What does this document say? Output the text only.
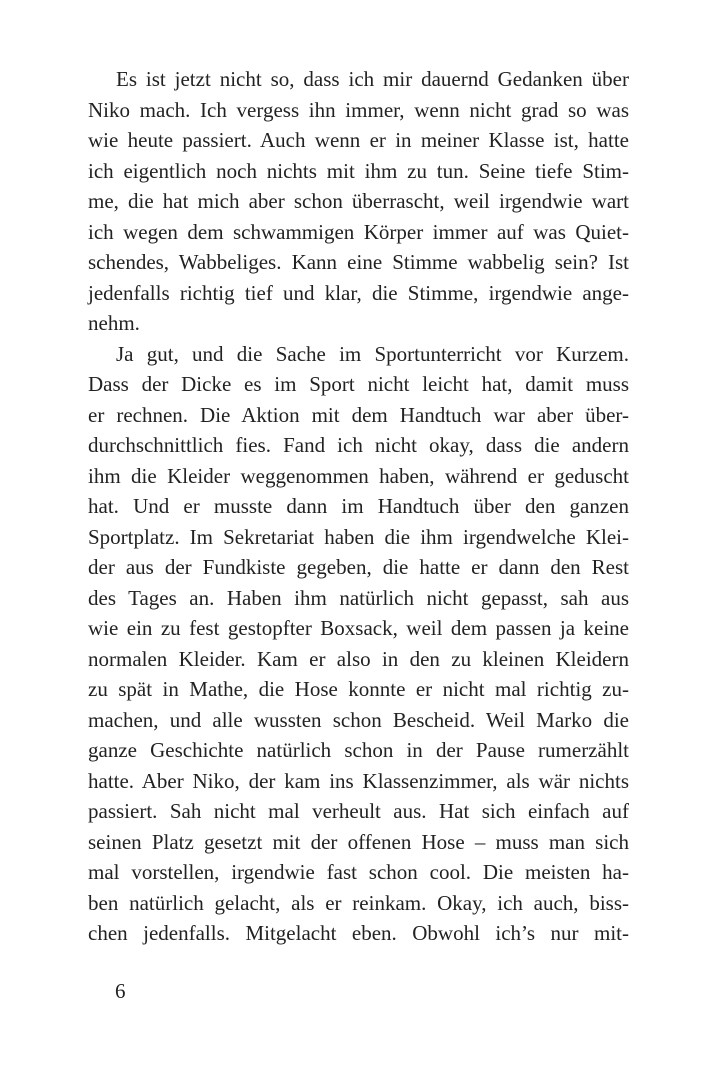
Es ist jetzt nicht so, dass ich mir dauernd Gedanken über
Niko mach. Ich vergess ihn immer, wenn nicht grad so was
wie heute passiert. Auch wenn er in meiner Klasse ist, hatte
ich eigentlich noch nichts mit ihm zu tun. Seine tiefe Stim-
me, die hat mich aber schon überrascht, weil irgendwie wart
ich wegen dem schwammigen Körper immer auf was Quiet-
schendes, Wabbeliges. Kann eine Stimme wabbelig sein? Ist
jedenfalls richtig tief und klar, die Stimme, irgendwie ange-
nehm.
Ja gut, und die Sache im Sportunterricht vor Kurzem.
Dass der Dicke es im Sport nicht leicht hat, damit muss
er rechnen. Die Aktion mit dem Handtuch war aber über-
durchschnittlich fies. Fand ich nicht okay, dass die andern
ihm die Kleider weggenommen haben, während er geduscht
hat. Und er musste dann im Handtuch über den ganzen
Sportplatz. Im Sekretariat haben die ihm irgendwelche Klei-
der aus der Fundkiste gegeben, die hatte er dann den Rest
des Tages an. Haben ihm natürlich nicht gepasst, sah aus
wie ein zu fest gestopfter Boxsack, weil dem passen ja keine
normalen Kleider. Kam er also in den zu kleinen Kleidern
zu spät in Mathe, die Hose konnte er nicht mal richtig zu-
machen, und alle wussten schon Bescheid. Weil Marko die
ganze Geschichte natürlich schon in der Pause rumerzählt
hatte. Aber Niko, der kam ins Klassenzimmer, als wär nichts
passiert. Sah nicht mal verheult aus. Hat sich einfach auf
seinen Platz gesetzt mit der offenen Hose – muss man sich
mal vorstellen, irgendwie fast schon cool. Die meisten ha-
ben natürlich gelacht, als er reinkam. Okay, ich auch, biss-
chen jedenfalls. Mitgelacht eben. Obwohl ich’s nur mit-
6
